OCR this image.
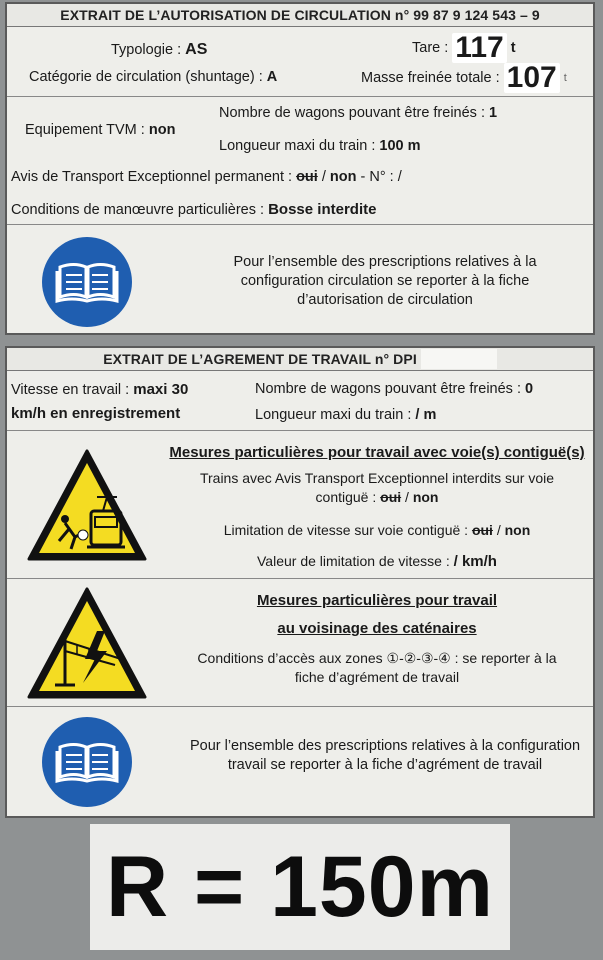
EXTRAIT DE L’AUTORISATION DE CIRCULATION n° 99 87 9 124 543 – 9
Typologie : AS	Tare : 117 t
Catégorie de circulation (shuntage) : A	Masse freinée totale : 107 t
Nombre de wagons pouvant être freinés : 1
Equipement TVM : non
Longueur maxi du train : 100 m
Avis de Transport Exceptionnel permanent : oui / non - N° : /
Conditions de manœuvre particulières : Bosse interdite
Pour l’ensemble des prescriptions relatives à la configuration circulation se reporter à la fiche d’autorisation de circulation
EXTRAIT DE L’AGREMENT DE TRAVAIL n° DPI
Vitesse en travail : maxi 30
km/h en enregistrement
Nombre de wagons pouvant être freinés : 0
Longueur maxi du train : / m
Mesures particulières pour travail avec voie(s) contiguë(s)
Trains avec Avis Transport Exceptionnel interdits sur voie
contiguë : oui / non
Limitation de vitesse sur voie contiguë : oui / non
Valeur de limitation de vitesse : / km/h
Mesures particulières pour travail
au voisinage des caténaires
Conditions d’accès aux zones ①-②-③-④ : se reporter à la
fiche d’agrément de travail
Pour l’ensemble des prescriptions relatives à la configuration travail se reporter à la fiche d’agrément de travail
R = 150m
